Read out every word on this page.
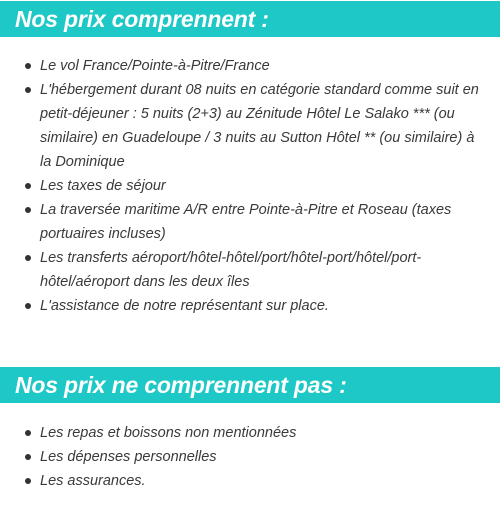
Nos prix comprennent :
Le vol France/Pointe-à-Pitre/France
L'hébergement durant 08 nuits en catégorie standard comme suit en petit-déjeuner : 5 nuits (2+3) au Zénitude Hôtel Le Salako *** (ou similaire) en Guadeloupe / 3 nuits au Sutton Hôtel ** (ou similaire) à la Dominique
Les taxes de séjour
La traversée maritime A/R entre Pointe-à-Pitre et Roseau (taxes portuaires incluses)
Les transferts aéroport/hôtel-hôtel/port/hôtel-port/hôtel/port-hôtel/aéroport dans les deux îles
L'assistance de notre représentant sur place.
Nos prix ne comprennent pas :
Les repas et boissons non mentionnées
Les dépenses personnelles
Les assurances.
